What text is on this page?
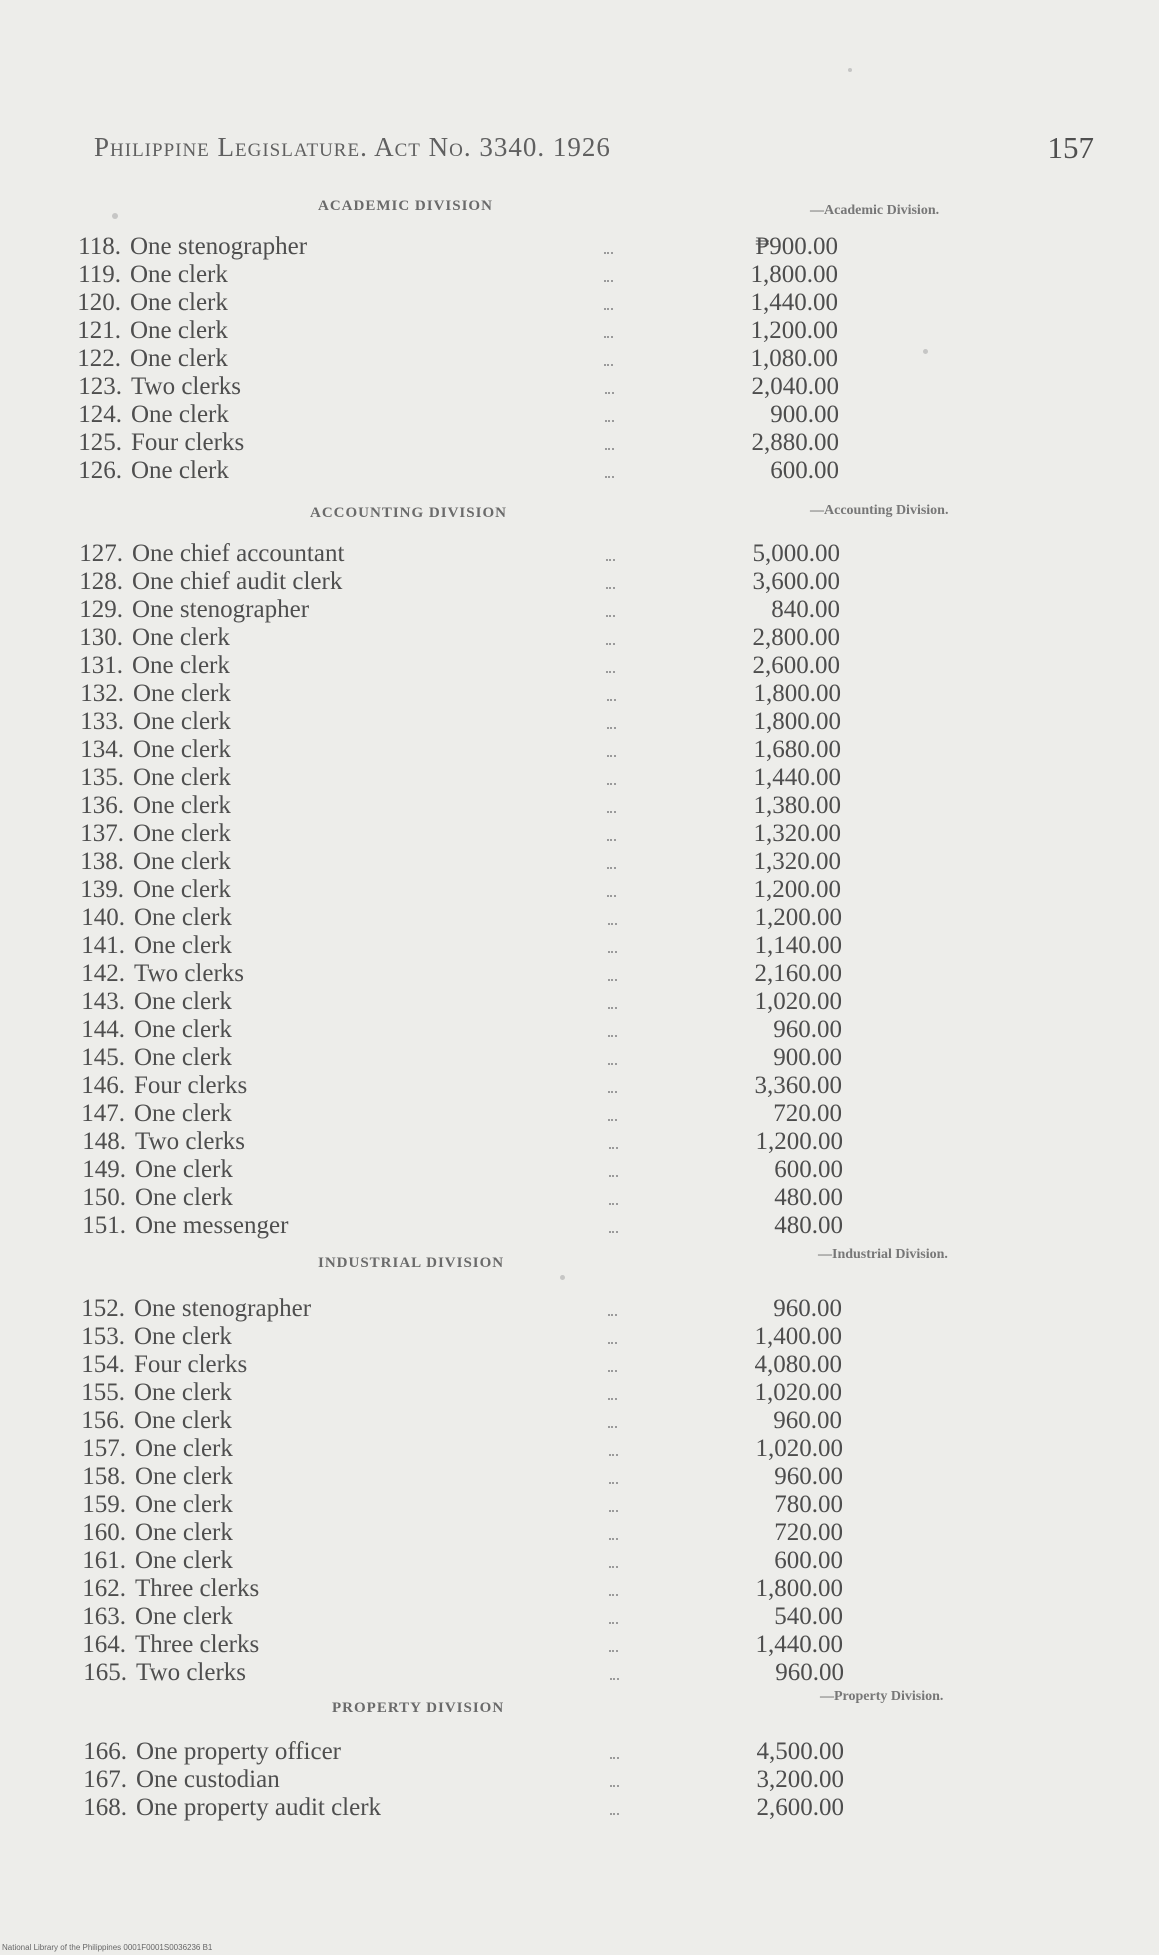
Philippine Legislature. Act No. 3340. 1926	157
ACADEMIC DIVISION	—Academic Division.
118. One stenographer	₱900.00
119. One clerk	1,800.00
120. One clerk	1,440.00
121. One clerk	1,200.00
122. One clerk	1,080.00
123. Two clerks	2,040.00
124. One clerk	900.00
125. Four clerks	2,880.00
126. One clerk	600.00
ACCOUNTING DIVISION	—Accounting Division.
127. One chief accountant	5,000.00
128. One chief audit clerk	3,600.00
129. One stenographer	840.00
130. One clerk	2,800.00
131. One clerk	2,600.00
132. One clerk	1,800.00
133. One clerk	1,800.00
134. One clerk	1,680.00
135. One clerk	1,440.00
136. One clerk	1,380.00
137. One clerk	1,320.00
138. One clerk	1,320.00
139. One clerk	1,200.00
140. One clerk	1,200.00
141. One clerk	1,140.00
142. Two clerks	2,160.00
143. One clerk	1,020.00
144. One clerk	960.00
145. One clerk	900.00
146. Four clerks	3,360.00
147. One clerk	720.00
148. Two clerks	1,200.00
149. One clerk	600.00
150. One clerk	480.00
151. One messenger	480.00
INDUSTRIAL DIVISION
—Industrial Division.
152. One stenographer	960.00
153. One clerk	1,400.00
154. Four clerks	4,080.00
155. One clerk	1,020.00
156. One clerk	960.00
157. One clerk	1,020.00
158. One clerk	960.00
159. One clerk	780.00
160. One clerk	720.00
161. One clerk	600.00
162. Three clerks	1,800.00
163. One clerk	540.00
164. Three clerks	1,440.00
165. Two clerks	960.00
PROPERTY DIVISION
—Property Division.
166. One property officer	4,500.00
167. One custodian	3,200.00
168. One property audit clerk	2,600.00
National Library of the Philippines 0001F0001S0036236 B1
